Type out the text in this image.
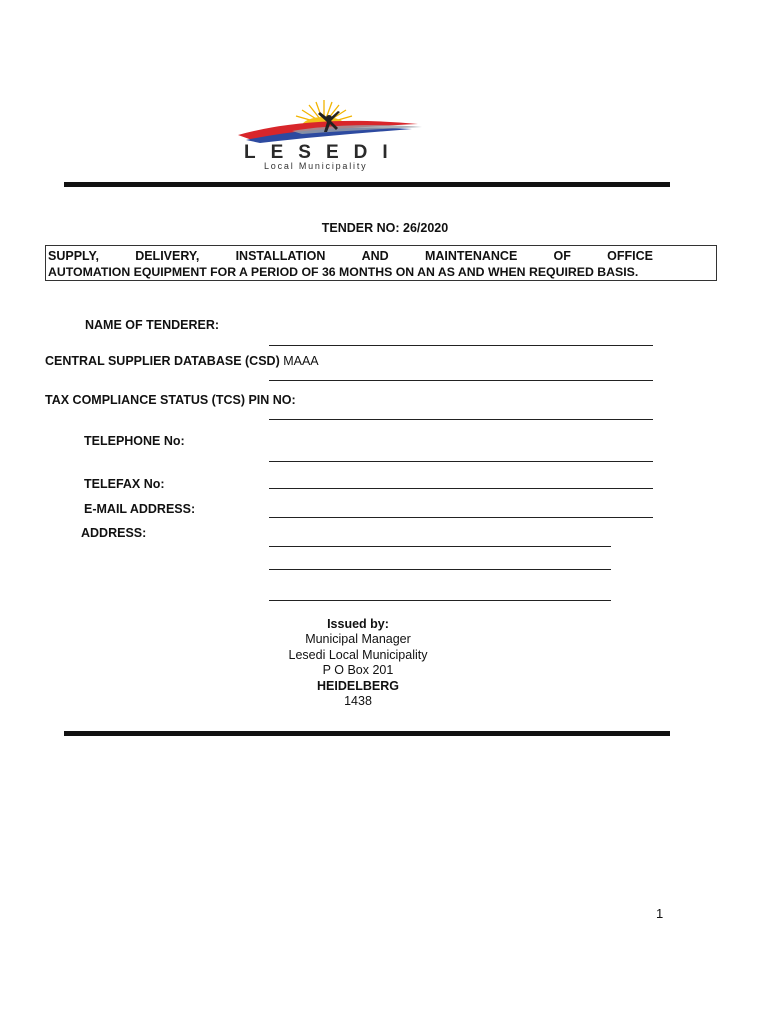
LESEDI
Local Municipality
TENDER NO: 26/2020
SUPPLY,	DELIVERY,	INSTALLATION	AND	MAINTENANCE	OF	OFFICE
AUTOMATION EQUIPMENT FOR A PERIOD OF 36 MONTHS ON AN AS AND WHEN REQUIRED BASIS.
NAME OF TENDERER:
CENTRAL SUPPLIER DATABASE (CSD) MAAA
TAX COMPLIANCE STATUS (TCS) PIN NO:
TELEPHONE No:
TELEFAX No:
E-MAIL ADDRESS:
ADDRESS:
Issued by:
Municipal Manager
Lesedi Local Municipality
P O Box 201
HEIDELBERG
1438
1
